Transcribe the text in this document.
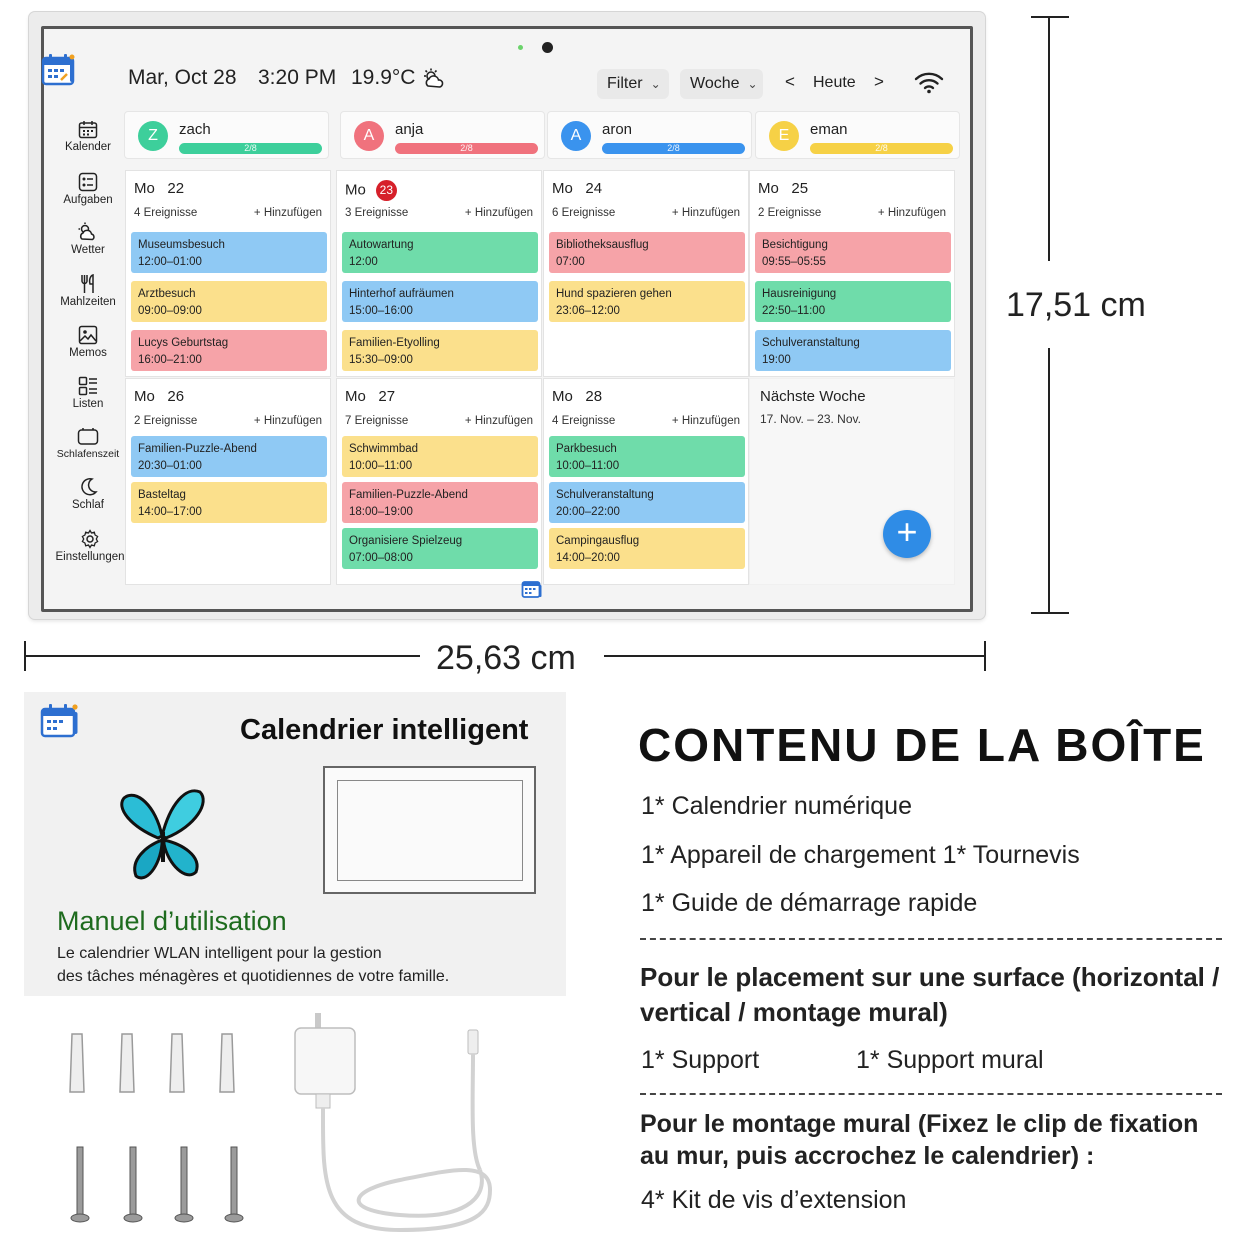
Mar, Oct 28 3:20 PM 19.9°C	Filter ⌄ Woche ⌄ < Heute >
Kalender
Aufgaben
Wetter
Mahlzeiten
Memos
Listen
Schlafenszeit
Schlaf
Einstellungen
Z	zach
2/8
A	anja
2/8
A	aron
2/8
E	eman
2/8
Mo 22
4 Ereignisse	+ Hinzufügen
Museumsbesuch
12:00–01:00
Arztbesuch
09:00–09:00
Lucys Geburtstag
16:00–21:00
Mo 23
3 Ereignisse	+ Hinzufügen
Autowartung
12:00
Hinterhof aufräumen
15:00–16:00
Familien-Etyolling
15:30–09:00
Mo 24
6 Ereignisse	+ Hinzufügen
Bibliotheksausflug
07:00
Hund spazieren gehen
23:06–12:00
Mo 25
2 Ereignisse	+ Hinzufügen
Besichtigung
09:55–05:55
Hausreinigung
22:50–11:00
Schulveranstaltung
19:00
Mo 26
2 Ereignisse	+ Hinzufügen
Familien-Puzzle-Abend
20:30–01:00
Basteltag
14:00–17:00
Mo 27
7 Ereignisse	+ Hinzufügen
Schwimmbad
10:00–11:00
Familien-Puzzle-Abend
18:00–19:00
Organisiere Spielzeug
07:00–08:00
Mo 28
4 Ereignisse	+ Hinzufügen
Parkbesuch
10:00–11:00
Schulveranstaltung
20:00–22:00
Campingausflug
14:00–20:00
Nächste Woche
17. Nov. – 23. Nov.
+
17,51 cm
25,63 cm
Calendrier intelligent
Manuel d’utilisation
Le calendrier WLAN intelligent pour la gestion
des tâches ménagères et quotidiennes de votre famille.
CONTENU DE LA BOÎTE
1* Calendrier numérique
1* Appareil de chargement 1* Tournevis
1* Guide de démarrage rapide
Pour le placement sur une surface (horizontal / vertical / montage mural)
1* Support	1* Support mural
Pour le montage mural (Fixez le clip de fixation au mur, puis accrochez le calendrier) :
4* Kit de vis d’extension
